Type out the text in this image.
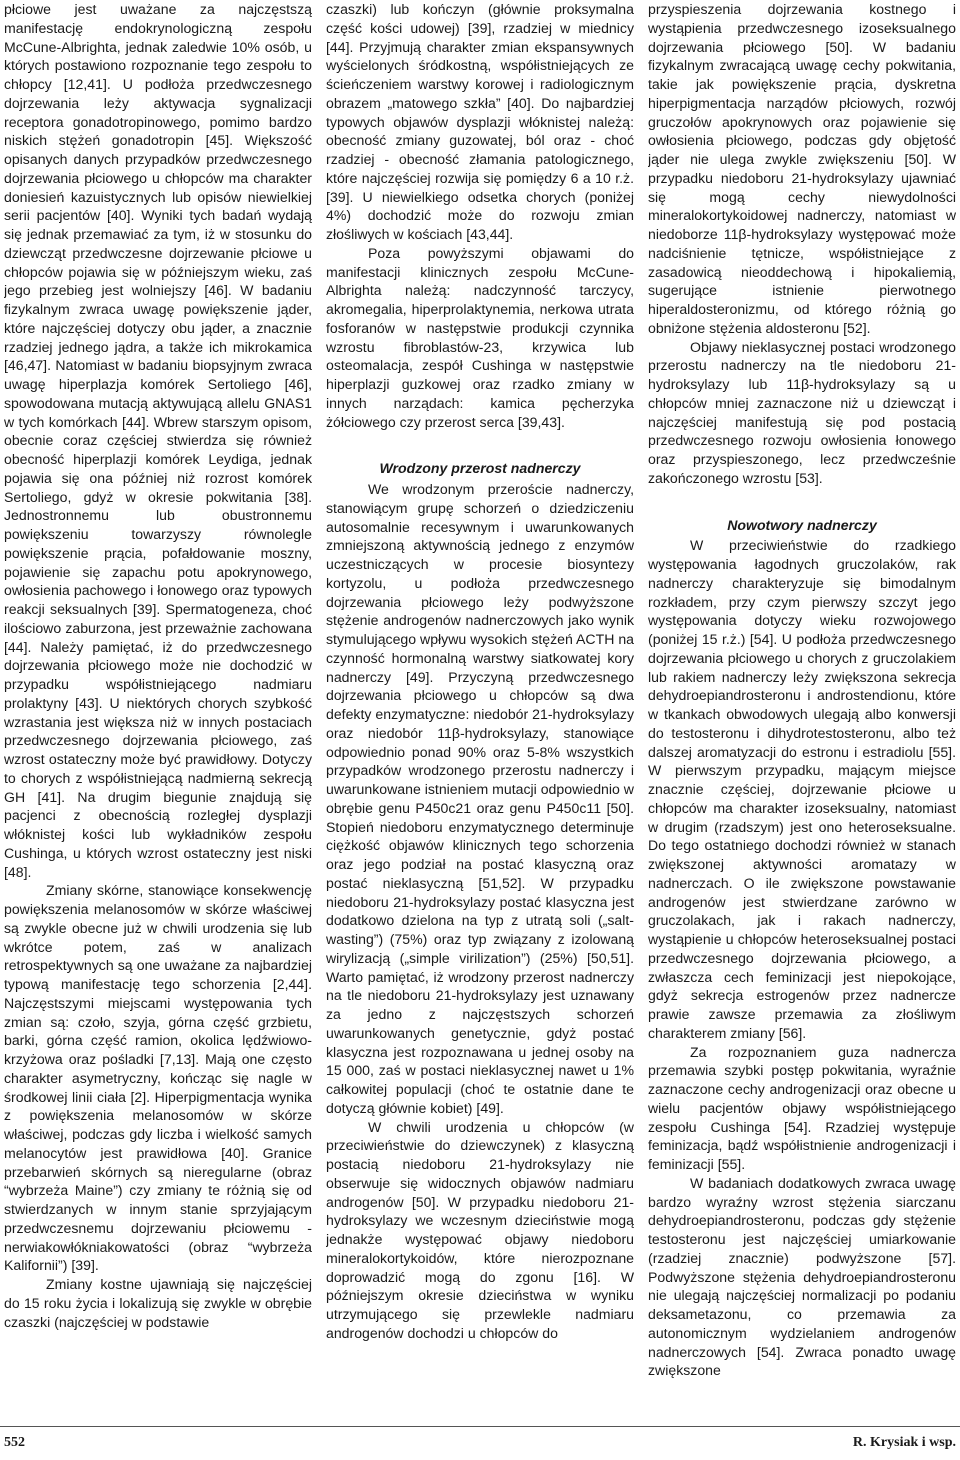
płciowe jest uważane za najczęstszą manifestację endokrynologiczną zespołu McCune-Albrighta, jednak zaledwie 10% osób, u których postawiono rozpoznanie tego zespołu to chłopcy [12,41]. U podłoża przedwczesnego dojrzewania leży aktywacja sygnalizacji receptora gonadotropinowego, pomimo bardzo niskich stężeń gonadotropin [45]. Większość opisanych danych przypadków przedwczesnego dojrzewania płciowego u chłopców ma charakter doniesień kazuistycznych lub opisów niewielkiej serii pacjentów [40]. Wyniki tych badań wydają się jednak przemawiać za tym, iż w stosunku do dziewcząt przedwczesne dojrzewanie płciowe u chłopców pojawia się w późniejszym wieku, zaś jego przebieg jest wolniejszy [46]. W badaniu fizykalnym zwraca uwagę powiększenie jąder, które najczęściej dotyczy obu jąder, a znacznie rzadziej jednego jądra, a także ich mikrokamica [46,47]. Natomiast w badaniu biopsyjnym zwraca uwagę hiperplazja komórek Sertoliego [46], spowodowana mutacją aktywującą allelu GNAS1 w tych komórkach [44]. Wbrew starszym opisom, obecnie coraz częściej stwierdza się również obecność hiperplazji komórek Leydiga, jednak pojawia się ona później niż rozrost komórek Sertoliego, gdyż w okresie pokwitania [38]. Jednostronnemu lub obustronnemu powiększeniu towarzyszy równolegle powiększenie prącia, pofałdowanie moszny, pojawienie się zapachu potu apokrynowego, owłosienia pachowego i łonowego oraz typowych reakcji seksualnych [39]. Spermatogeneza, choć ilościowo zaburzona, jest przeważnie zachowana [44]. Należy pamiętać, iż do przedwczesnego dojrzewania płciowego może nie dochodzić w przypadku współistniejącego nadmiaru prolaktyny [43]. U niektórych chorych szybkość wzrastania jest większa niż w innych postaciach przedwczesnego dojrzewania płciowego, zaś wzrost ostateczny może być prawidłowy. Dotyczy to chorych z współistniejącą nadmierną sekrecją GH [41]. Na drugim biegunie znajdują się pacjenci z obecnością rozległej dysplazji włóknistej kości lub wykładników zespołu Cushinga, u których wzrost ostateczny jest niski [48].

Zmiany skórne, stanowiące konsekwencję powiększenia melanosomów w skórze właściwej są zwykle obecne już w chwili urodzenia się lub wkrótce potem, zaś w analizach retrospektywnych są one uważane za najbardziej typową manifestację tego schorzenia [2,44]. Najczęstszymi miejscami występowania tych zmian są: czoło, szyja, górna część grzbietu, barki, górna część ramion, okolica lędźwiowo-krzyżowa oraz pośladki [7,13]. Mają one często charakter asymetryczny, kończąc się nagle w środkowej linii ciała [2]. Hiperpigmentacja wynika z powiększenia melanosomów w skórze właściwej, podczas gdy liczba i wielkość samych melanocytów jest prawidłowa [40]. Granice przebarwień skórnych są nieregularne (obraz “wybrzeża Maine”) czy zmiany te różnią się od stwierdzanych w innym stanie sprzyjającym przedwczesnemu dojrzewaniu płciowemu - nerwiakowłókniakowatości (obraz “wybrzeża Kalifornii”) [39].

Zmiany kostne ujawniają się najczęściej do 15 roku życia i lokalizują się zwykle w obrębie czaszki (najczęściej w podstawie

czaszki) lub kończyn (głównie proksymalna część kości udowej) [39], rzadziej w miednicy [44]. Przyjmują charakter zmian ekspansywnych wyścielonych śródkostną, współistniejących ze ścieńczeniem warstwy korowej i radiologicznym obrazem „matowego szkła” [40]. Do najbardziej typowych objawów dysplazji włóknistej należą: obecność zmiany guzowatej, ból oraz - choć rzadziej - obecność złamania patologicznego, które najczęściej rozwija się pomiędzy 6 a 10 r.ż. [39]. U niewielkiego odsetka chorych (poniżej 4%) dochodzić może do rozwoju zmian złośliwych w kościach [43,44].

Poza powyższymi objawami do manifestacji klinicznych zespołu McCune-Albrighta należą: nadczynność tarczycy, akromegalia, hiperprolaktynemia, nerkowa utrata fosforanów w następstwie produkcji czynnika wzrostu fibroblastów-23, krzywica lub osteomalacja, zespół Cushinga w następstwie hiperplazji guzkowej oraz rzadko zmiany w innych narządach: kamica pęcherzyka żółciowego czy przerost serca [39,43].

Wrodzony przerost nadnerczy

We wrodzonym przeroście nadnerczy, stanowiącym grupę schorzeń o dziedziczeniu autosomalnie recesywnym i uwarunkowanych zmniejszoną aktywnością jednego z enzymów uczestniczących w procesie biosyntezy kortyzolu, u podłoża przedwczesnego dojrzewania płciowego leży podwyższone stężenie androgenów nadnerczowych jako wynik stymulującego wpływu wysokich stężeń ACTH na czynność hormonalną warstwy siatkowatej kory nadnerczy [49]. Przyczyną przedwczesnego dojrzewania płciowego u chłopców są dwa defekty enzymatyczne: niedobór 21-hydroksylazy oraz niedobór 11β-hydroksylazy, stanowiące odpowiednio ponad 90% oraz 5-8% wszystkich przypadków wrodzonego przerostu nadnerczy i uwarunkowane istnieniem mutacji odpowiednio w obrębie genu P450c21 oraz genu P450c11 [50]. Stopień niedoboru enzymatycznego determinuje ciężkość objawów klinicznych tego schorzenia oraz jego podział na postać klasyczną oraz postać nieklasyczną [51,52]. W przypadku niedoboru 21-hydroksylazy postać klasyczna jest dodatkowo dzielona na typ z utratą soli („salt-wasting”) (75%) oraz typ związany z izolowaną wirylizacją („simple virilization”) (25%) [50,51]. Warto pamiętać, iż wrodzony przerost nadnerczy na tle niedoboru 21-hydroksylazy jest uznawany za jedno z najczęstszych schorzeń uwarunkowanych genetycznie, gdyż postać klasyczna jest rozpoznawana u jednej osoby na 15 000, zaś w postaci nieklasycznej nawet u 1% całkowitej populacji (choć te ostatnie dane te dotyczą głównie kobiet) [49].

W chwili urodzenia u chłopców (w przeciwieństwie do dziewczynek) z klasyczną postacią niedoboru 21-hydroksylazy nie obserwuje się widocznych objawów nadmiaru androgenów [50]. W przypadku niedoboru 21-hydroksylazy we wczesnym dzieciństwie mogą jednakże występować objawy niedoboru mineralokortykoidów, które nierozpoznane doprowadzić mogą do zgonu [16]. W późniejszym okresie dzieciństwa w wyniku utrzymującego się przewlekle nadmiaru androgenów dochodzi u chłopców do

przyspieszenia dojrzewania kostnego i wystąpienia przedwczesnego izoseksualnego dojrzewania płciowego [50]. W badaniu fizykalnym zwracającą uwagę cechy pokwitania, takie jak powiększenie prącia, dyskretna hiperpigmentacja narządów płciowych, rozwój gruczołów apokrynowych oraz pojawienie się owłosienia płciowego, podczas gdy objętość jąder nie ulega zwykle zwiększeniu [50]. W przypadku niedoboru 21-hydroksylazy ujawniać się mogą cechy niewydolności mineralokortykoidowej nadnerczy, natomiast w niedoborze 11β-hydroksylazy występować może nadciśnienie tętnicze, współistniejące z zasadowicą nieoddechową i hipokaliemią, sugerujące istnienie pierwotnego hiperaldosteronizmu, od którego różnią go obniżone stężenia aldosteronu [52].

Objawy nieklasycznej postaci wrodzonego przerostu nadnerczy na tle niedoboru 21-hydroksylazy lub 11β-hydroksylazy są u chłopców mniej zaznaczone niż u dziewcząt i najczęściej manifestują się pod postacią przedwczesnego rozwoju owłosienia łonowego oraz przyspieszonego, lecz przedwcześnie zakończonego wzrostu [53].

Nowotwory nadnerczy

W przeciwieństwie do rzadkiego występowania łagodnych gruczolaków, rak nadnerczy charakteryzuje się bimodalnym rozkładem, przy czym pierwszy szczyt jego występowania dotyczy wieku rozwojowego (poniżej 15 r.ż.) [54]. U podłoża przedwczesnego dojrzewania płciowego u chorych z gruczolakiem lub rakiem nadnerczy leży zwiększona sekrecja dehydroepiandrosteronu i androstendionu, które w tkankach obwodowych ulegają albo konwersji do testosteronu i dihydrotestosteronu, albo też dalszej aromatyzacji do estronu i estradiolu [55]. W pierwszym przypadku, mającym miejsce znacznie częściej, dojrzewanie płciowe u chłopców ma charakter izoseksualny, natomiast w drugim (rzadszym) jest ono heteroseksualne. Do tego ostatniego dochodzi również w stanach zwiększonej aktywności aromatazy w nadnerczach. O ile zwiększone powstawanie androgenów jest stwierdzane zarówno w gruczolakach, jak i rakach nadnerczy, wystąpienie u chłopców heteroseksualnej postaci przedwczesnego dojrzewania płciowego, a zwłaszcza cech feminizacji jest niepokojące, gdyż sekrecja estrogenów przez nadnercze prawie zawsze przemawia za złośliwym charakterem zmiany [56].

Za rozpoznaniem guza nadnercza przemawia szybki postęp pokwitania, wyraźnie zaznaczone cechy androgenizacji oraz obecne u wielu pacjentów objawy współistniejącego zespołu Cushinga [54]. Rzadziej występuje feminizacja, bądź współistnienie androgenizacji i feminizacji [55].

W badaniach dodatkowych zwraca uwagę bardzo wyraźny wzrost stężenia siarczanu dehydroepiandrosteronu, podczas gdy stężenie testosteronu jest najczęściej umiarkowanie (rzadziej znacznie) podwyższone [57]. Podwyższone stężenia dehydroepiandrosteronu nie ulegają najczęściej normalizacji po podaniu deksametazonu, co przemawia za autonomicznym wydzielaniem androgenów nadnerczowych [54]. Zwraca ponadto uwagę zwiększone

552	R. Krysiak i wsp.
